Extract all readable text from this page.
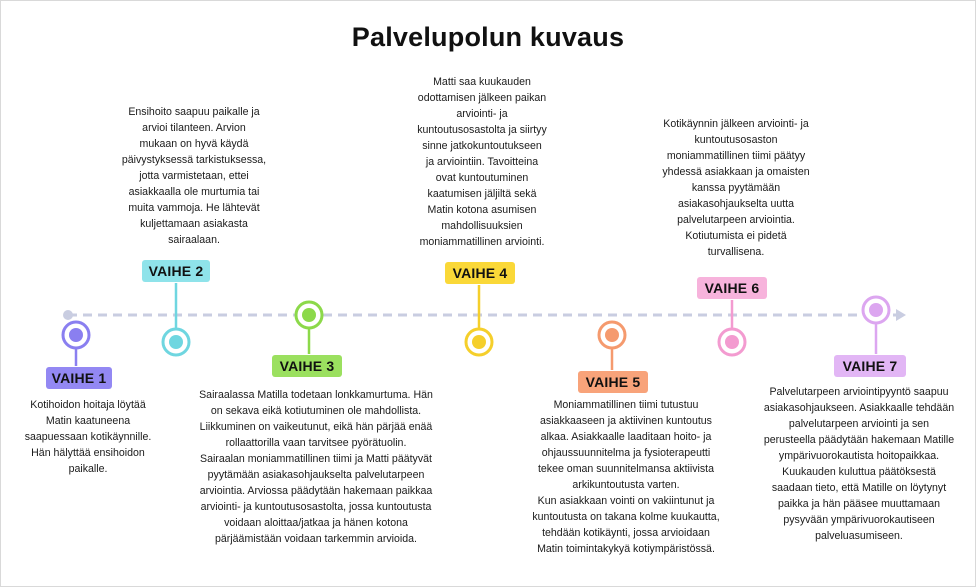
Palvelupolun kuvaus
VAIHE 1
Kotihoidon hoitaja löytää
Matin kaatuneena
saapuessaan kotikäynnille.
Hän hälyttää ensihoidon
paikalle.
VAIHE 2
Ensihoito saapuu paikalle ja
arvioi tilanteen. Arvion
mukaan on hyvä käydä
päivystyksessä tarkistuksessa,
jotta varmistetaan, ettei
asiakkaalla ole murtumia tai
muita vammoja. He lähtevät
kuljettamaan asiakasta
sairaalaan.
VAIHE 3
Sairaalassa Matilla todetaan lonkkamurtuma. Hän
on sekava eikä kotiutuminen ole mahdollista.
Liikkuminen on vaikeutunut, eikä hän pärjää enää
rollaattorilla vaan tarvitsee pyörätuolin.
Sairaalan moniammatillinen tiimi ja Matti päätyvät
pyytämään asiakasohjaukselta palvelutarpeen
arviointia. Arviossa päädytään hakemaan paikkaa
arviointi- ja kuntoutusosastolta, jossa kuntoutusta
voidaan aloittaa/jatkaa ja hänen kotona
pärjäämistään voidaan tarkemmin arvioida.
VAIHE 4
Matti saa kuukauden
odottamisen jälkeen paikan
arviointi- ja
kuntoutusosastolta ja siirtyy
sinne jatkokuntoutukseen
ja arviointiin. Tavoitteina
ovat kuntoutuminen
kaatumisen jäljiltä sekä
Matin kotona asumisen
mahdollisuuksien
moniammatillinen arviointi.
VAIHE 5
Moniammatillinen tiimi tutustuu
asiakkaaseen ja aktiivinen kuntoutus
alkaa. Asiakkaalle laaditaan hoito- ja
ohjaussuunnitelma ja fysioterapeutti
tekee oman suunnitelmansa aktiivista
arkikuntoutusta varten.
Kun asiakkaan vointi on vakiintunut ja
kuntoutusta on takana kolme kuukautta,
tehdään kotikäynti, jossa arvioidaan
Matin toimintakykyä kotiympäristössä.
VAIHE 6
Kotikäynnin jälkeen arviointi- ja
kuntoutusosaston
moniammatillinen tiimi päätyy
yhdessä asiakkaan ja omaisten
kanssa pyytämään
asiakasohjaukselta uutta
palvelutarpeen arviointia.
Kotiutumista ei pidetä
turvallisena.
VAIHE 7
Palvelutarpeen arviointipyyntö saapuu
asiakasohjaukseen. Asiakkaalle tehdään
palvelutarpeen arviointi ja sen
perusteella päädytään hakemaan Matille
ympärivuorokautista hoitopaikkaa.
Kuukauden kuluttua päätöksestä
saadaan tieto, että Matille on löytynyt
paikka ja hän pääsee muuttamaan
pysyvään ympärivuorokautiseen
palveluasumiseen.
